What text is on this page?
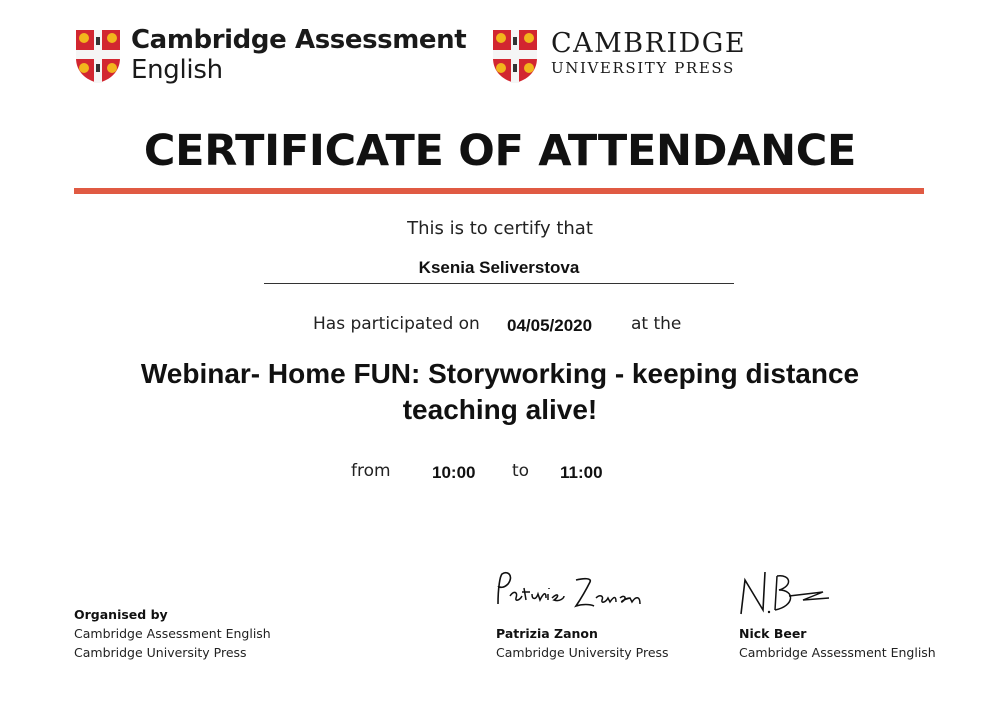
Cambridge Assessment
English
CAMBRIDGE
UNIVERSITY PRESS
CERTIFICATE OF ATTENDANCE
This is to certify that
Ksenia Seliverstova
Has participated on 04/05/2020 at the
Webinar- Home FUN: Storyworking - keeping distance
teaching alive!
from 10:00 to 11:00
Organised by
Cambridge Assessment English
Cambridge University Press
Patrizia Zanon
Cambridge University Press
Nick Beer
Cambridge Assessment English
